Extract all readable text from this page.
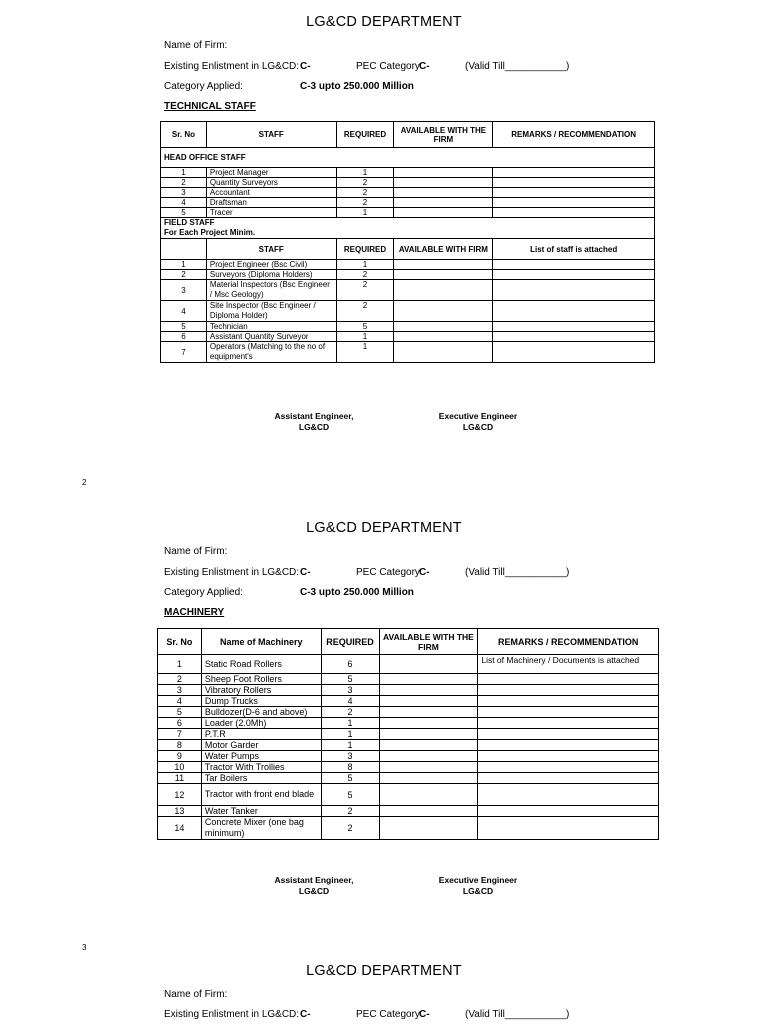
LG&CD DEPARTMENT
Name of Firm:
Existing Enlistment in LG&CD: C-	PEC Category C-	(Valid Till___________)
Category Applied:	C-3 upto 250.000 Million
TECHNICAL STAFF
Sr. No	STAFF	REQUIRED	AVAILABLE WITH THE FIRM	REMARKS / RECOMMENDATION
HEAD OFFICE STAFF				
1	Project Manager	1		
2	Quantity Surveyors	2		
3	Accountant	2		
4	Draftsman	2		
5	Tracer	1		
FIELD STAFF
For Each Project Minim.				
	STAFF	REQUIRED	AVAILABLE WITH FIRM	List of staff is attached
1	Project Engineer (Bsc Civil)	1		
2	Surveyors (Diploma Holders)	2		
3	Material Inspectors (Bsc Engineer / Msc Geology)	2		
4	Site Inspector (Bsc Engineer / Diploma Holder)	2		
5	Technician	5		
6	Assistant Quantity Surveyor	1		
7	Operators (Matching to the no of equipment's	1		
Assistant Engineer,
LG&CD
Executive Engineer
LG&CD
2
LG&CD DEPARTMENT
Name of Firm:
Existing Enlistment in LG&CD: C-	PEC Category C-	(Valid Till___________)
Category Applied:	C-3 upto 250.000 Million
MACHINERY
Sr. No	Name of Machinery	REQUIRED	AVAILABLE WITH THE FIRM	REMARKS / RECOMMENDATION
1	Static Road Rollers	6		List of Machinery / Documents is attached
2	Sheep Foot Rollers	5		
3	Vibratory Rollers	3		
4	Dump Trucks	4		
5	Bulldozer(D-6 and above)	2		
6	Loader (2.0Mh)	1		
7	P.T.R	1		
8	Motor Garder	1		
9	Water Pumps	3		
10	Tractor With Trollies	8		
11	Tar Boilers	5		
12	Tractor with front end blade	5		
13	Water Tanker	2		
14	Concrete Mixer (one bag minimum)	2		
Assistant Engineer,
LG&CD
Executive Engineer
LG&CD
3
LG&CD DEPARTMENT
Name of Firm:
Existing Enlistment in LG&CD: C-	PEC Category C-	(Valid Till___________)
